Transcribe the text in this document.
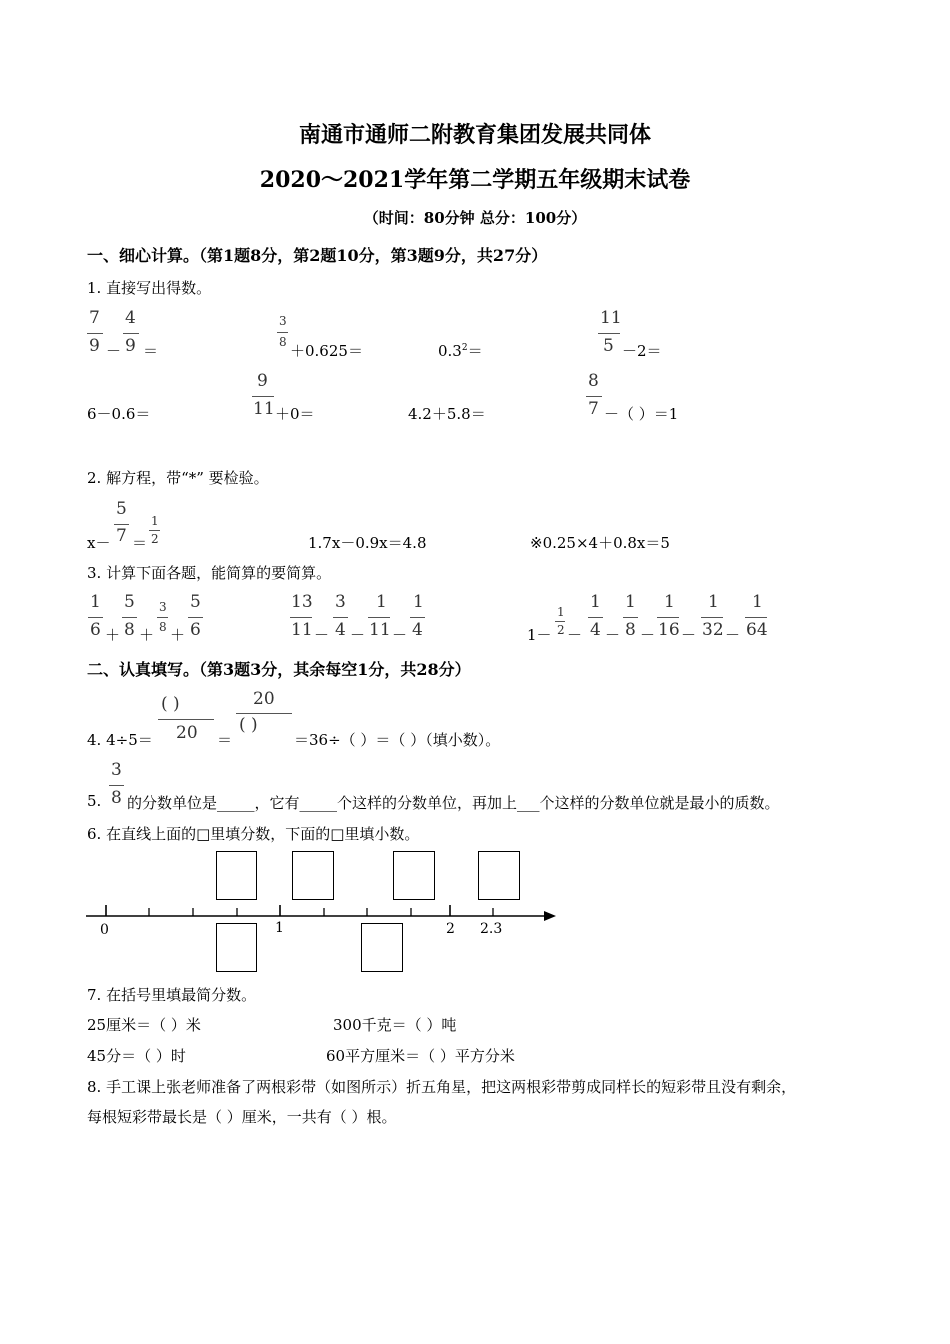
南通市通师二附教育集团发展共同体
2020～2021学年第二学期五年级期末试卷
（时间：80分钟 总分：100分）
一、细心计算。（第1题8分，第2题10分，第3题9分，共27分）
1. 直接写出得数。
7
9 －
4
9 ＝
3
8 ＋0.625＝	$0.3^2=$
11
5 －2＝
6－0.6＝
9
11 ＋0＝	4.2＋5.8＝
8
7 －（ ）＝1
2. 解方程，带“*” 要检验。
x－
5
7 ＝
1
2	1.7x－0.9x＝4.8	※0.25×4＋0.8x＝5
3. 计算下面各题，能简算的要简算。
1
6 ＋
5
8 ＋
3
8 ＋
5
6
13
11 －
3
4 －
1
11 －
1
4	1－
1
2 －
1
4 －
1
8 －
1
16 －
1
32 －
1
64
二、认真填写。（第3题3分，其余每空1分，共28分）
4. 4÷5＝
( )
20 ＝
20
( )
＝36÷（ ）＝（ ）（填小数）。
5.
3
8 的分数单位是_____，它有_____个这样的分数单位，再加上___个这样的分数单位就是最小的质数。
6. 在直线上面的□里填分数，下面的□里填小数。
0	1	2 2.3
7. 在括号里填最简分数。
25厘米＝（ ）米	300千克＝（ ）吨
45分＝（ ）时	60平方厘米＝（ ）平方分米
8. 手工课上张老师准备了两根彩带（如图所示）折五角星，把这两根彩带剪成同样长的短彩带且没有剩余，
每根短彩带最长是（ ）厘米，一共有（ ）根。
